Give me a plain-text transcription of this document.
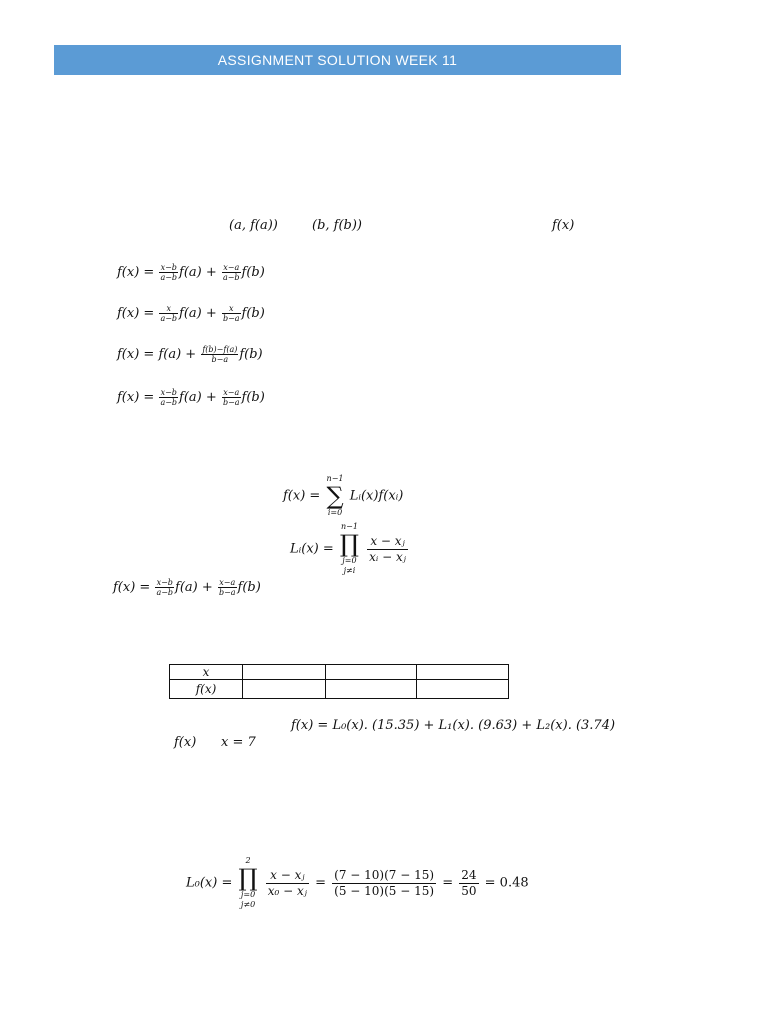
ASSIGNMENT SOLUTION WEEK 11
(a, f(a))	(b, f(b))	f(x)
$f(x) = \frac{x-b}{a-b} f(a) + \frac{x-a}{a-b} f(b)$
$f(x) = \frac{x}{a-b} f(a) + \frac{x}{b-a} f(b)$
$f(x) = f(a) + \frac{f(b)-f(a)}{b-a} f(b)$
$f(x) = \frac{x-b}{a-b} f(a) + \frac{x-a}{b-a} f(b)$
f(x) =
n−1
∑
i=0
Lᵢ(x)f(xᵢ)
Lᵢ(x) =
n−1
∏
j=0
j≠i

$\frac{\text{x − xⱼ}}{\text{xᵢ − xⱼ}}$
$f(x) = \frac{x-b}{a-b} f(a) + \frac{x-a}{b-a} f(b)$
x			
f(x)			
f(x) = L₀(x). (15.35) + L₁(x). (9.63) + L₂(x). (3.74)
f(x) x = 7
L₀(x) =
2
∏
j=0
j≠0

$\frac{\text{x − xⱼ}}{\text{x₀ − xⱼ}} = \frac{(7 - 10)(7 - 15)}{(5 - 10)(5 - 15)} = \frac{24}{50} = 0.48$
